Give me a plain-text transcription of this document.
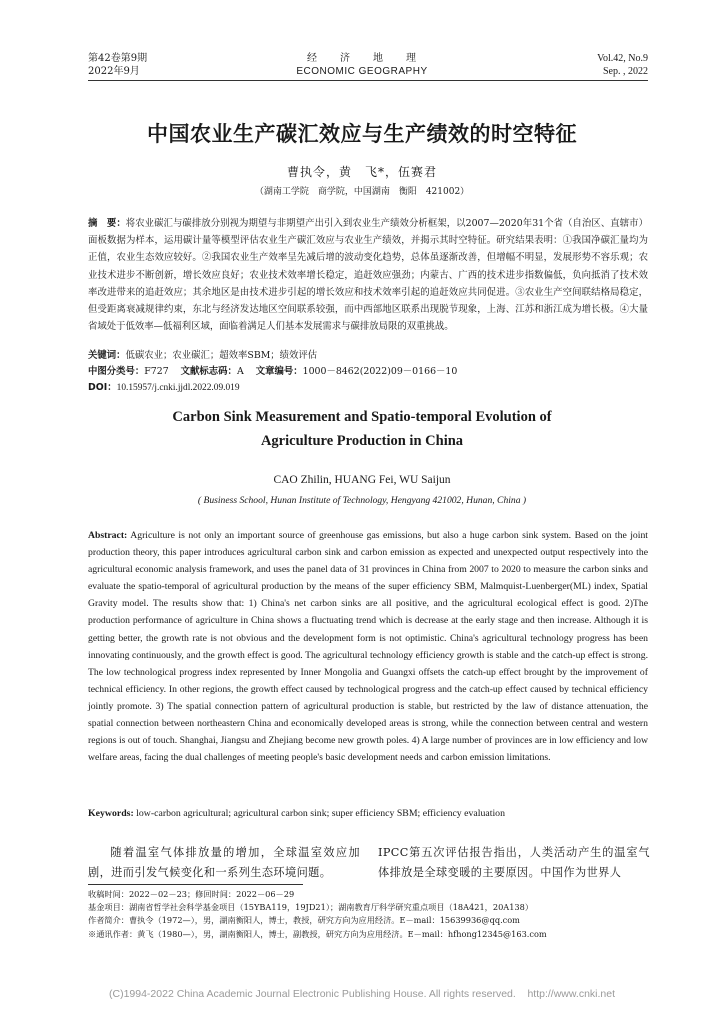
第42卷第9期
2022年9月
经　　济　　地　　理
ECONOMIC GEOGRAPHY
Vol.42, No.9
Sep. , 2022
中国农业生产碳汇效应与生产绩效的时空特征
曹执令，黄　飞*，伍赛君
（湖南工学院　商学院，中国湖南　衡阳　421002）

摘　要：将农业碳汇与碳排放分别视为期望与非期望产出引入到农业生产绩效分析框架，以2007—2020年31个省（自治区、直辖市）面板数据为样本，运用碳计量等模型评估农业生产碳汇效应与农业生产绩效，并揭示其时空特征。研究结果表明：①我国净碳汇量均为正值，农业生态效应较好。②我国农业生产效率呈先减后增的波动变化趋势，总体虽逐渐改善，但增幅不明显，发展形势不容乐观；农业技术进步不断创新，增长效应良好；农业技术效率增长稳定，追赶效应强劲；内蒙古、广西的技术进步指数偏低，负向抵消了技术效率改进带来的追赶效应；其余地区是由技术进步引起的增长效应和技术效率引起的追赶效应共同促进。③农业生产空间联结格局稳定，但受距离衰减规律约束，东北与经济发达地区空间联系较强，而中西部地区联系出现脱节现象，上海、江苏和浙江成为增长极。④大量省域处于低效率—低福利区域，面临着满足人们基本发展需求与碳排放局限的双重挑战。

关键词：低碳农业；农业碳汇；超效率SBM；绩效评估
中图分类号：F727 文献标志码：A 文章编号：1000－8462(2022)09－0166－10
DOI：10.15957/j.cnki.jjdl.2022.09.019
Carbon Sink Measurement and Spatio-temporal Evolution of
Agriculture Production in China
CAO Zhilin, HUANG Fei, WU Saijun
( Business School, Hunan Institute of Technology, Hengyang 421002, Hunan, China )

Abstract: Agriculture is not only an important source of greenhouse gas emissions, but also a huge carbon sink system. Based on the joint production theory, this paper introduces agricultural carbon sink and carbon emission as expected and unexpected output respectively into the agricultural economic analysis framework, and uses the panel data of 31 provinces in China from 2007 to 2020 to measure the carbon sinks and evaluate the spatio-temporal of agricultural production by the means of the super efficiency SBM, Malmquist-Luenberger(ML) index, Spatial Gravity model. The results show that: 1) China's net carbon sinks are all positive, and the agricultural ecological effect is good. 2)The production performance of agriculture in China shows a fluctuating trend which is decrease at the early stage and then increase. Although it is getting better, the growth rate is not obvious and the development form is not optimistic. China's agricultural technology progress has been innovating continuously, and the growth effect is good. The agricultural technology efficiency growth is stable and the catch-up effect is strong. The low technological progress index represented by Inner Mongolia and Guangxi offsets the catch-up effect brought by the improvement of technical efficiency. In other regions, the growth effect caused by technological progress and the catch-up effect caused by technical efficiency jointly promote. 3) The spatial connection pattern of agricultural production is stable, but restricted by the law of distance attenuation, the spatial connection between northeastern China and economically developed areas is strong, while the connection between central and western regions is out of touch. Shanghai, Jiangsu and Zhejiang become new growth poles. 4) A large number of provinces are in low efficiency and low welfare areas, facing the dual challenges of meeting people's basic development needs and carbon emission limitations.

Keywords: low-carbon agricultural; agricultural carbon sink; super efficiency SBM; efficiency evaluation

随着温室气体排放量的增加，全球温室效应加剧，进而引发气候变化和一系列生态环境问题。

IPCC第五次评估报告指出，人类活动产生的温室气体排放是全球变暖的主要原因。中国作为世界人

收稿时间：2022－02－23；修回时间：2022－06－29
基金项目：湖南省哲学社会科学基金项目（15YBA119，19JD21）；湖南教育厅科学研究重点项目（18A421，20A138）
作者简介：曹执令（1972—），男，湖南衡阳人，博士，教授，研究方向为应用经济。E－mail：15639936@qq.com
※通讯作者：黄飞（1980—），男，湖南衡阳人，博士，副教授，研究方向为应用经济。E－mail：hfhong12345@163.com
(C)1994-2022 China Academic Journal Electronic Publishing House. All rights reserved.    http://www.cnki.net
